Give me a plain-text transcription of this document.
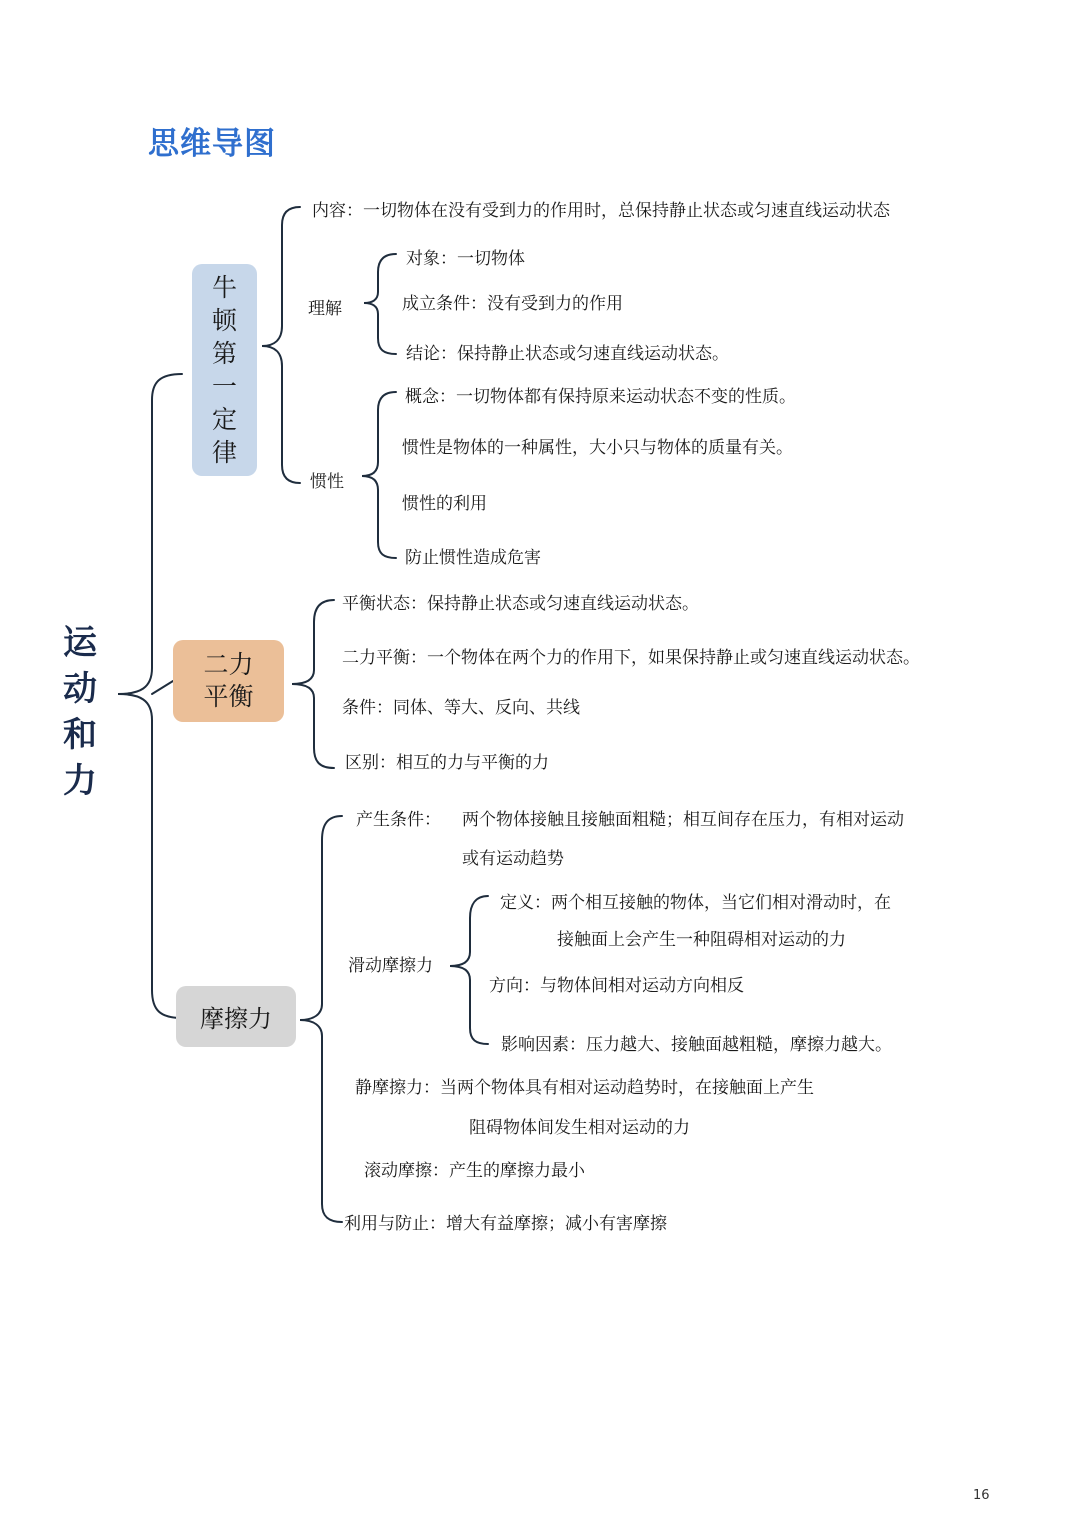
思维导图
运动和力
牛顿第一定律
内容：一切物体在没有受到力的作用时，总保持静止状态或匀速直线运动状态
理解
对象：一切物体
成立条件：没有受到力的作用
结论：保持静止状态或匀速直线运动状态。
惯性
概念：一切物体都有保持原来运动状态不变的性质。
惯性是物体的一种属性，大小只与物体的质量有关。
惯性的利用
防止惯性造成危害
二力平衡
平衡状态：保持静止状态或匀速直线运动状态。
二力平衡：一个物体在两个力的作用下，如果保持静止或匀速直线运动状态。
条件：同体、等大、反向、共线
区别：相互的力与平衡的力
摩擦力
产生条件： 两个物体接触且接触面粗糙；相互间存在压力，有相对运动
或有运动趋势
滑动摩擦力
定义：两个相互接触的物体，当它们相对滑动时，在
接触面上会产生一种阻碍相对运动的力
方向：与物体间相对运动方向相反
影响因素：压力越大、接触面越粗糙，摩擦力越大。
静摩擦力：当两个物体具有相对运动趋势时，在接触面上产生
阻碍物体间发生相对运动的力
滚动摩擦：产生的摩擦力最小
利用与防止：增大有益摩擦；减小有害摩擦
16
